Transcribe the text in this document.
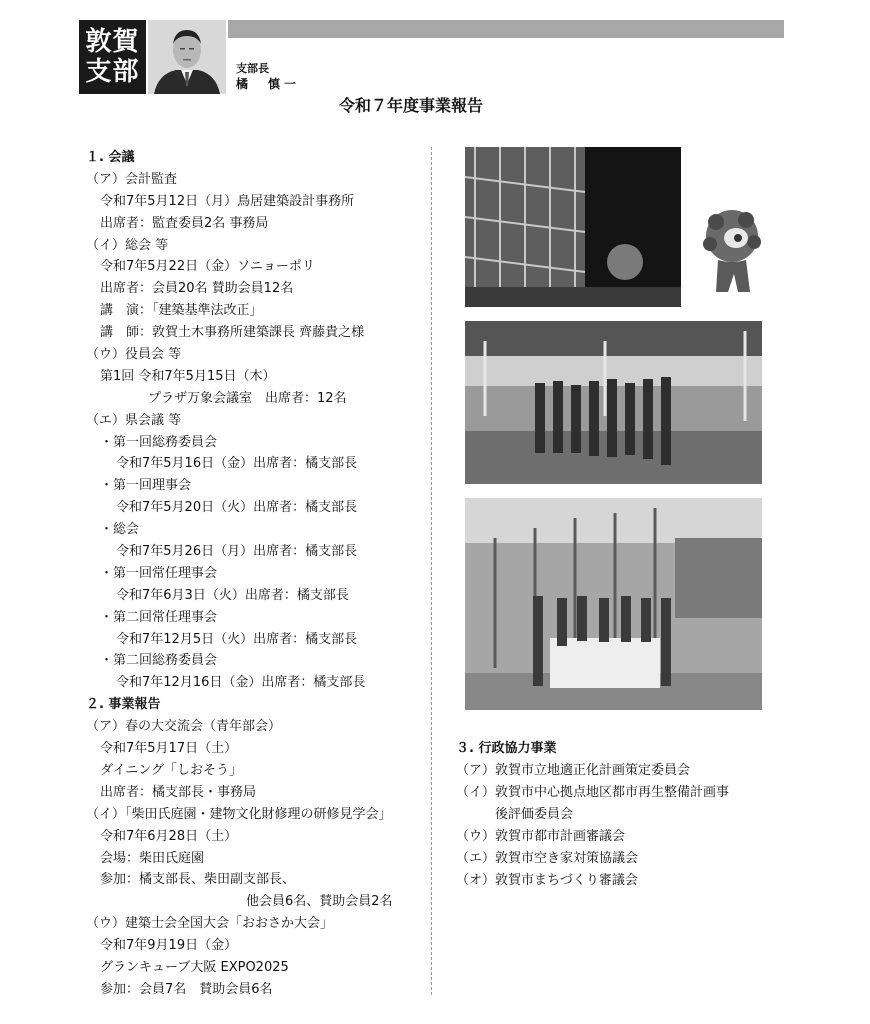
敦賀
支部	支部長
橘　慎一
令和７年度事業報告
１. 会議
（ア）会計監査
令和7年5月12日（月）鳥居建築設計事務所
出席者：監査委員2名 事務局
（イ）総会 等
令和7年5月22日（金）ソニョーポリ
出席者：会員20名 賛助会員12名
講　演：「建築基準法改正」
講　師：敦賀土木事務所建築課長 齊藤貴之様
（ウ）役員会 等
第1回 令和7年5月15日（木）
プラザ万象会議室　出席者：12名
（エ）県会議 等
・第一回総務委員会
令和7年5月16日（金）出席者：橘支部長
・第一回理事会
令和7年5月20日（火）出席者：橘支部長
・総会
令和7年5月26日（月）出席者：橘支部長
・第一回常任理事会
令和7年6月3日（火）出席者：橘支部長
・第二回常任理事会
令和7年12月5日（火）出席者：橘支部長
・第二回総務委員会
令和7年12月16日（金）出席者：橘支部長
２. 事業報告
（ア）春の大交流会（青年部会）
令和7年5月17日（土）
ダイニング「しおそう」
出席者：橘支部長・事務局
（イ）「柴田氏庭園・建物文化財修理の研修見学会」
令和7年6月28日（土）
会場：柴田氏庭園
参加：橘支部長、柴田副支部長、
他会員6名、賛助会員2名
（ウ）建築士会全国大会「おおさか大会」
令和7年9月19日（金）
グランキューブ大阪 EXPO2025
参加：会員7名　賛助会員6名
３. 行政協力事業
（ア）敦賀市立地適正化計画策定委員会
（イ）敦賀市中心拠点地区都市再生整備計画事
　　　後評価委員会
（ウ）敦賀市都市計画審議会
（エ）敦賀市空き家対策協議会
（オ）敦賀市まちづくり審議会
